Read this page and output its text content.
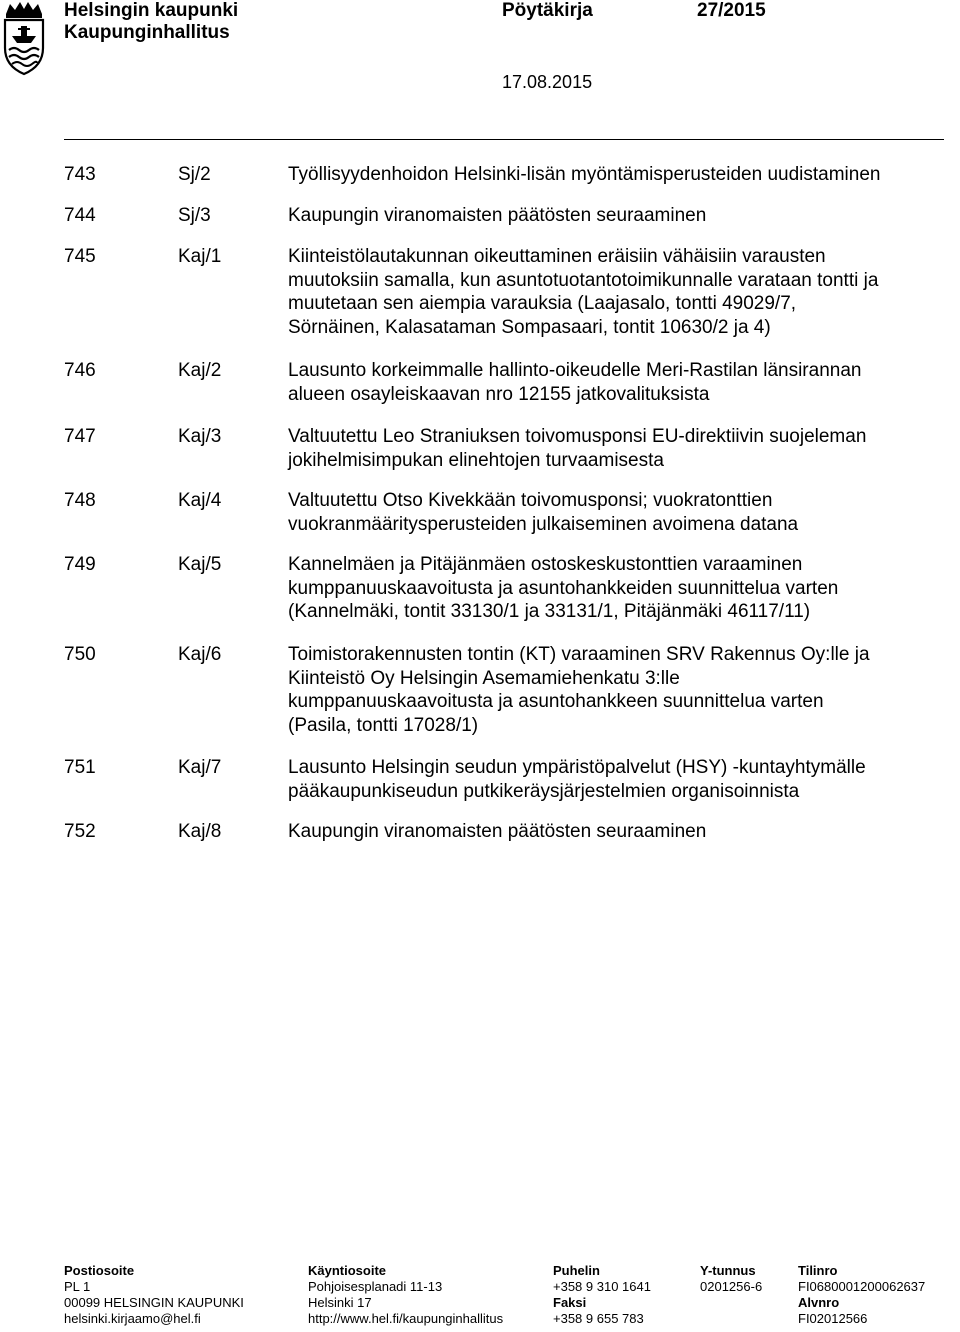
Helsingin kaupunki
Kaupunginhallitus
Pöytäkirja	27/2015
17.08.2015
743	Sj/2	Työllisyydenhoidon Helsinki-lisän myöntämisperusteiden uudistaminen
744	Sj/3	Kaupungin viranomaisten päätösten seuraaminen
745	Kaj/1	Kiinteistölautakunnan oikeuttaminen eräisiin vähäisiin varausten
muutoksiin samalla, kun asuntotuotantotoimikunnalle varataan tontti ja
muutetaan sen aiempia varauksia (Laajasalo, tontti 49029/7,
Sörnäinen, Kalasataman Sompasaari, tontit 10630/2 ja 4)
746	Kaj/2	Lausunto korkeimmalle hallinto-oikeudelle Meri-Rastilan länsirannan
alueen osayleiskaavan nro 12155 jatkovalituksista
747	Kaj/3	Valtuutettu Leo Straniuksen toivomusponsi EU-direktiivin suojeleman
jokihelmisimpukan elinehtojen turvaamisesta
748	Kaj/4	Valtuutettu Otso Kivekkään toivomusponsi; vuokratonttien
vuokranmääritysperusteiden julkaiseminen avoimena datana
749	Kaj/5	Kannelmäen ja Pitäjänmäen ostoskeskustonttien varaaminen
kumppanuuskaavoitusta ja asuntohankkeiden suunnittelua varten
(Kannelmäki, tontit 33130/1 ja 33131/1, Pitäjänmäki 46117/11)
750	Kaj/6	Toimistorakennusten tontin (KT) varaaminen SRV Rakennus Oy:lle ja
Kiinteistö Oy Helsingin Asemamiehenkatu 3:lle
kumppanuuskaavoitusta ja asuntohankkeen suunnittelua varten
(Pasila, tontti 17028/1)
751	Kaj/7	Lausunto Helsingin seudun ympäristöpalvelut (HSY) -kuntayhtymälle
pääkaupunkiseudun putkikeräysjärjestelmien organisoinnista
752	Kaj/8	Kaupungin viranomaisten päätösten seuraaminen
Postiosoite
PL 1
00099 HELSINGIN KAUPUNKI
helsinki.kirjaamo@hel.fi
Käyntiosoite
Pohjoisesplanadi 11-13
Helsinki 17
http://www.hel.fi/kaupunginhallitus
Puhelin
+358 9 310 1641
Faksi
+358 9 655 783
Y-tunnus
0201256-6
Tilinro
FI0680001200062637
Alvnro
FI02012566
